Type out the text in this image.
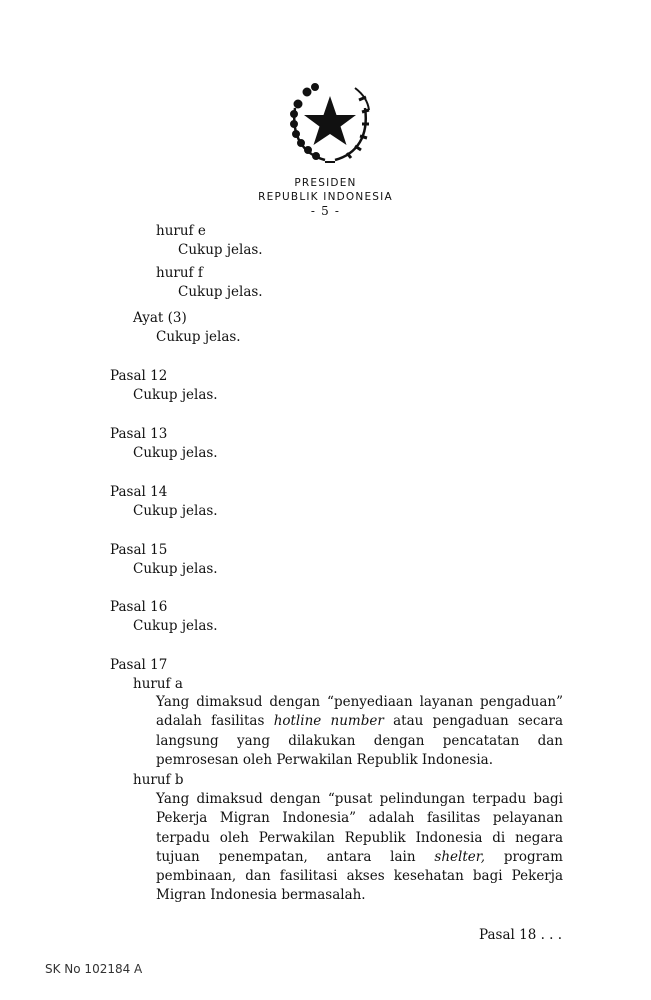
PRESIDEN
REPUBLIK INDONESIA
- 5 -
huruf e
Cukup jelas.
huruf f
Cukup jelas.
Ayat (3)
Cukup jelas.
Pasal 12
Cukup jelas.
Pasal 13
Cukup jelas.
Pasal 14
Cukup jelas.
Pasal 15
Cukup jelas.
Pasal 16
Cukup jelas.
Pasal 17
huruf a
Yang dimaksud dengan “penyediaan layanan pengaduan” adalah fasilitas hotline number atau pengaduan secara langsung yang dilakukan dengan pencatatan dan pemrosesan oleh Perwakilan Republik Indonesia.
huruf b
Yang dimaksud dengan “pusat pelindungan terpadu bagi Pekerja Migran Indonesia” adalah fasilitas pelayanan terpadu oleh Perwakilan Republik Indonesia di negara tujuan penempatan, antara lain shelter, program pembinaan, dan fasilitasi akses kesehatan bagi Pekerja Migran Indonesia bermasalah.
Pasal 18 . . .
SK No 102184 A
